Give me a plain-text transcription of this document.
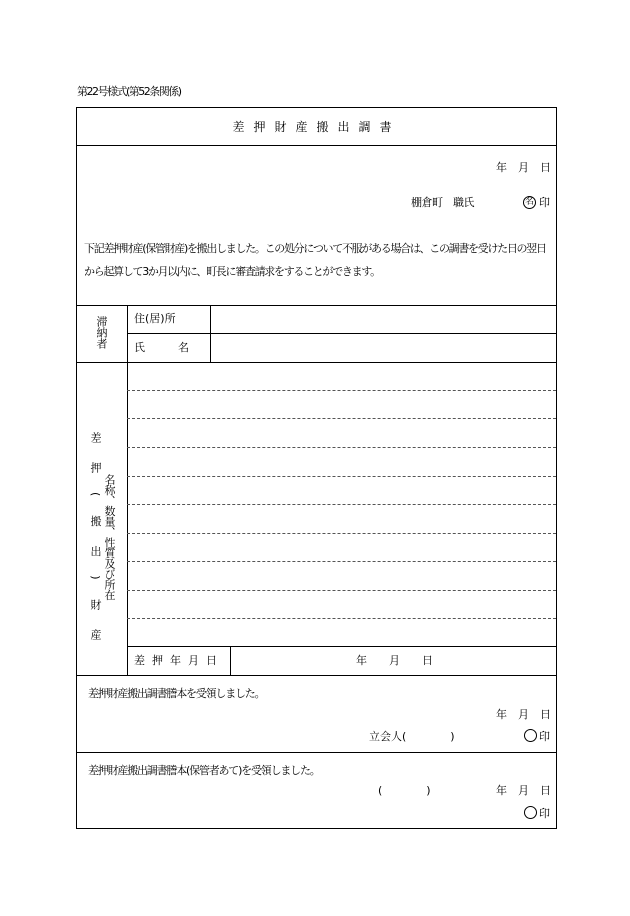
第22号様式(第52条関係)
差押財産搬出調書
年　月　日
棚倉町　職氏	名 印
下記差押財産(保管財産)を搬出しました。この処分について不服がある場合は、この調書を受けた日の翌日から起算して3か月以内に、町長に審査請求をすることができます。
滞納者 住(居)所
氏　　　名
差押(搬出)財産 名称、数量、性質及び所在
差押年月日	年　　月　　日
差押財産搬出調書謄本を受領しました。
年　月　日
立会人(　　　　)	印
差押財産搬出調書謄本(保管者あて)を受領しました。
(　　　　)	年　月　日
印
